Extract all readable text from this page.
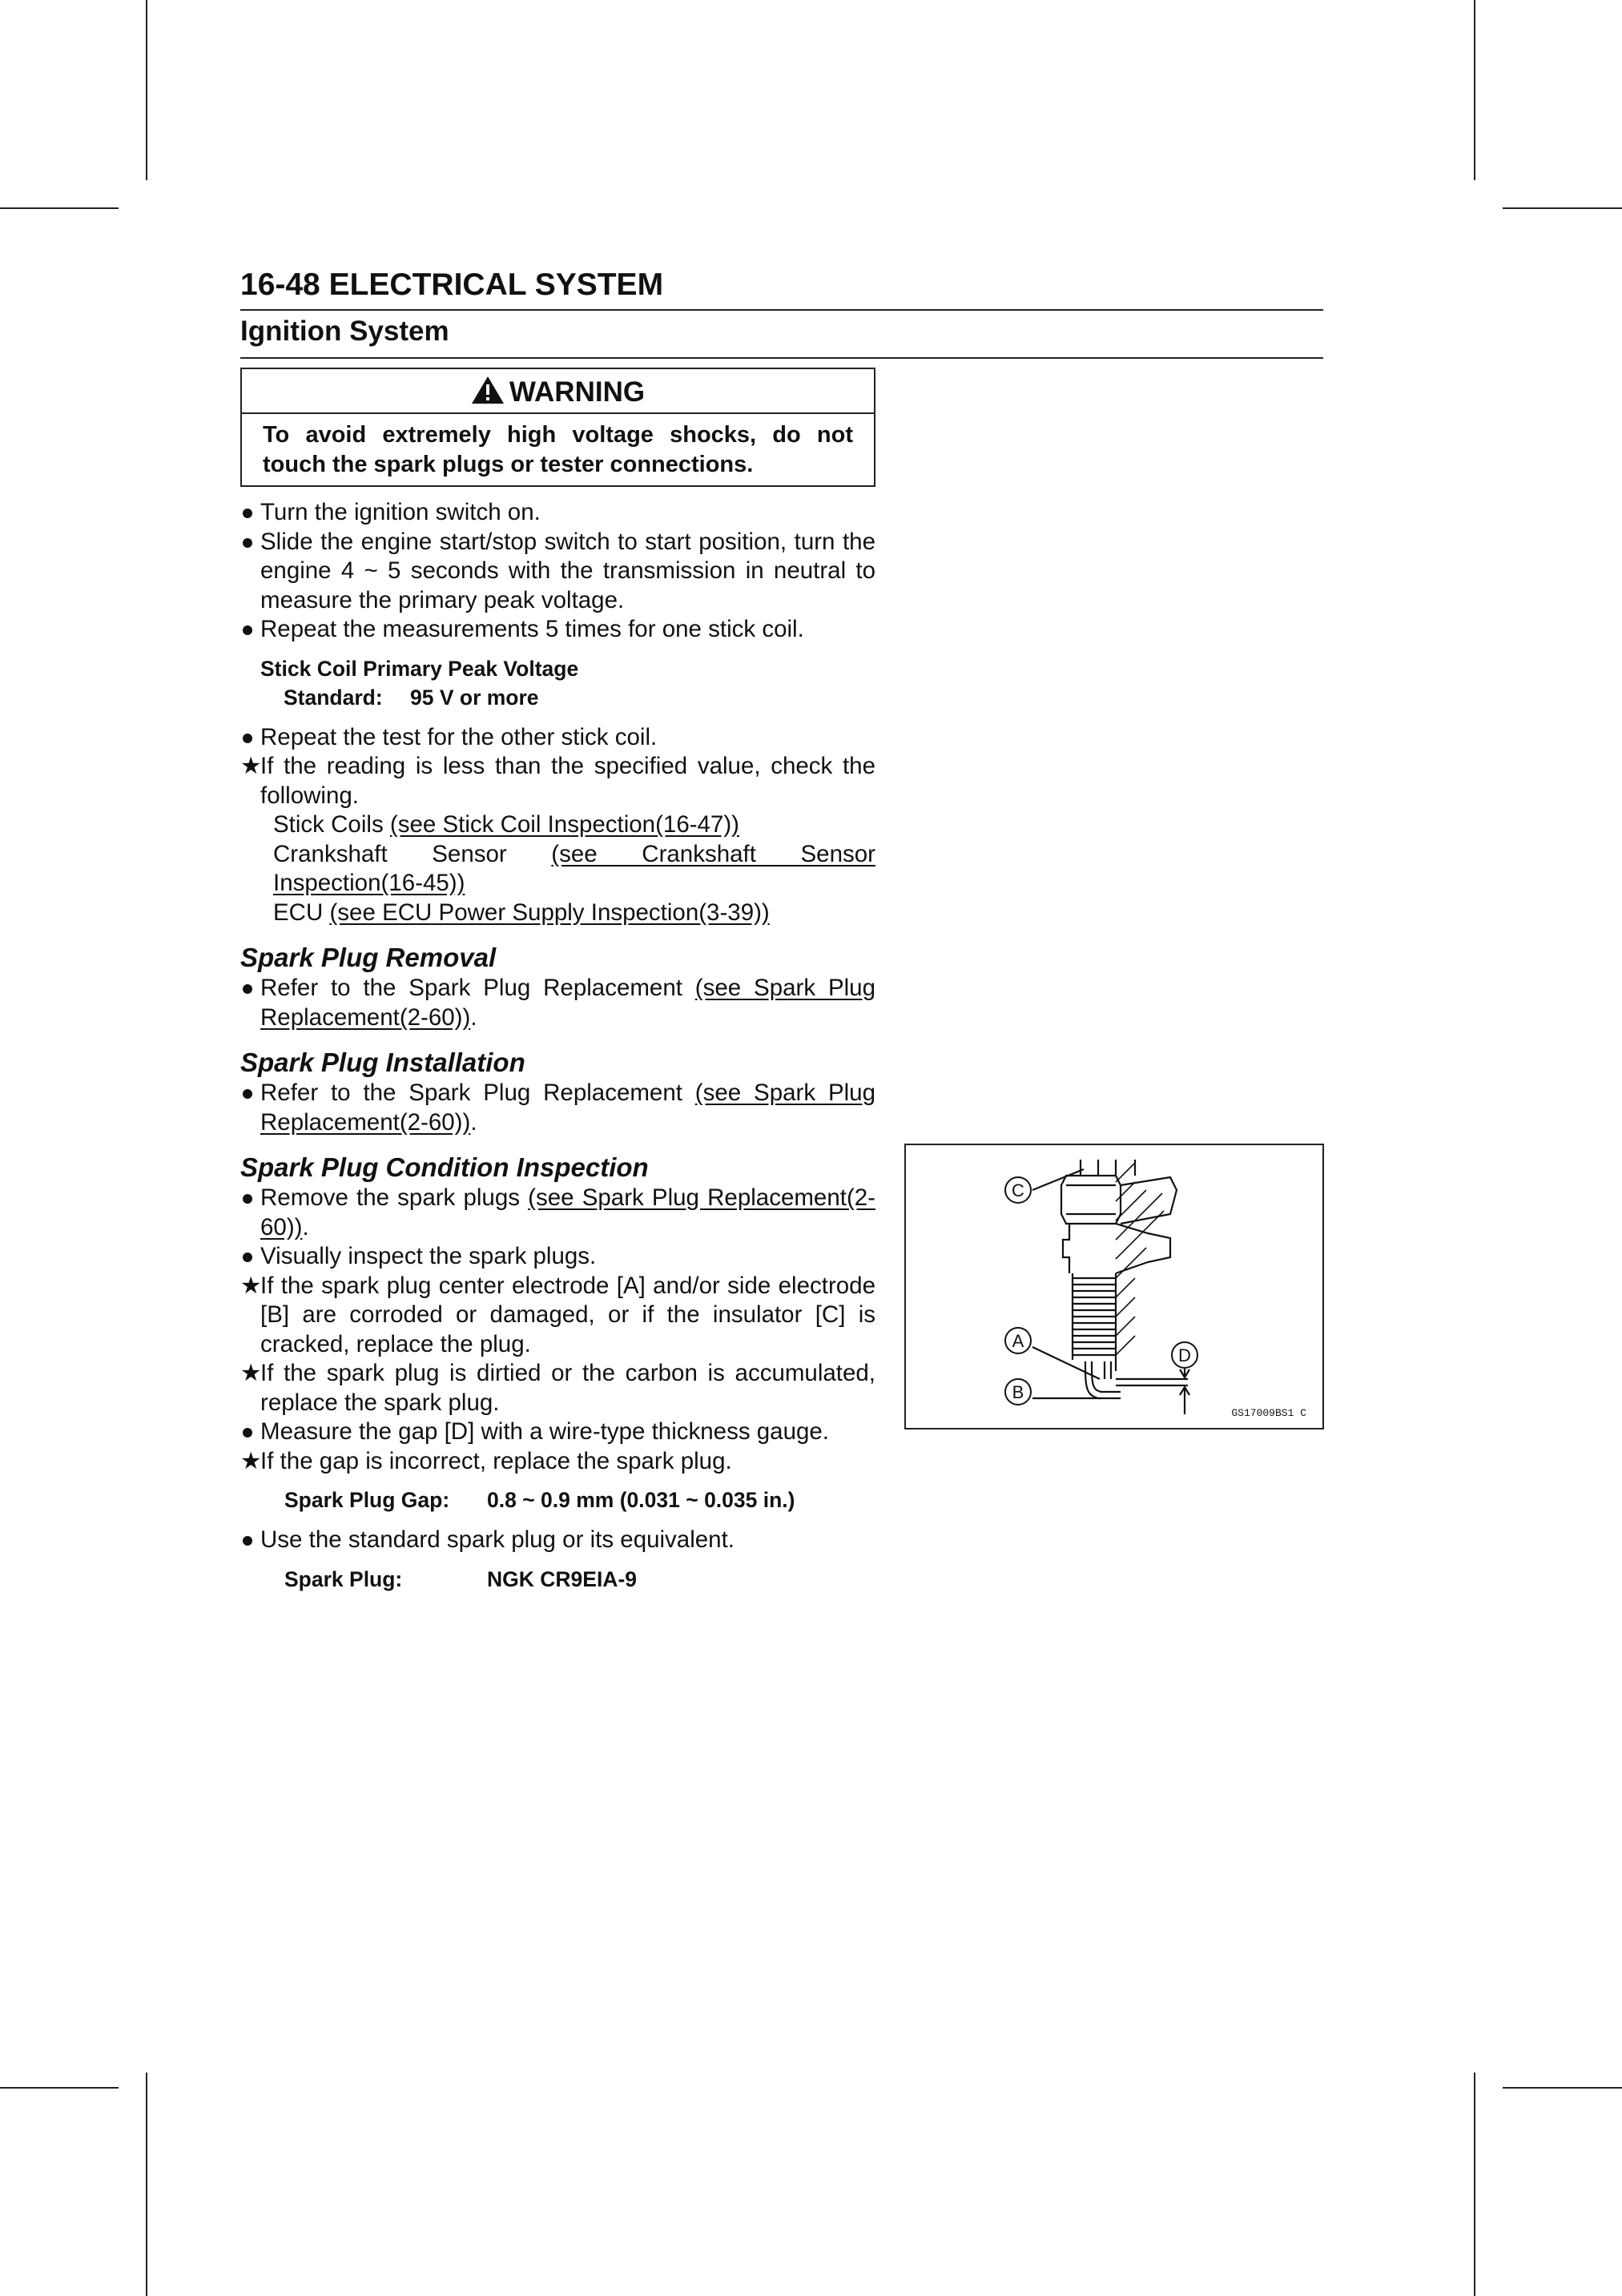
16-48 ELECTRICAL SYSTEM
Ignition System
WARNING
To avoid extremely high voltage shocks, do not touch the spark plugs or tester connections.
Turn the ignition switch on.
Slide the engine start/stop switch to start position, turn the engine 4 ~ 5 seconds with the transmission in neutral to measure the primary peak voltage.
Repeat the measurements 5 times for one stick coil.
Stick Coil Primary Peak Voltage
Standard:	95 V or more
Repeat the test for the other stick coil.
★
If the reading is less than the specified value, check the following.
Stick Coils (see Stick Coil Inspection(16-47))
Crankshaft Sensor (see Crankshaft Sensor Inspection(16-45))
ECU (see ECU Power Supply Inspection(3-39))
Spark Plug Removal
Refer to the Spark Plug Replacement (see Spark Plug Replacement(2-60)).
Spark Plug Installation
Refer to the Spark Plug Replacement (see Spark Plug Replacement(2-60)).
Spark Plug Condition Inspection
Remove the spark plugs (see Spark Plug Replacement(2-60)).
Visually inspect the spark plugs.
★
If the spark plug center electrode [A] and/or side electrode [B] are corroded or damaged, or if the insulator [C] is cracked, replace the plug.
★
If the spark plug is dirtied or the carbon is accumulated, replace the spark plug.
Measure the gap [D] with a wire-type thickness gauge.
★
If the gap is incorrect, replace the spark plug.
Spark Plug Gap:	0.8 ~ 0.9 mm (0.031 ~ 0.035 in.)
Use the standard spark plug or its equivalent.
Spark Plug:	NGK CR9EIA-9
C
A
B
D
GS17009BS1 C
